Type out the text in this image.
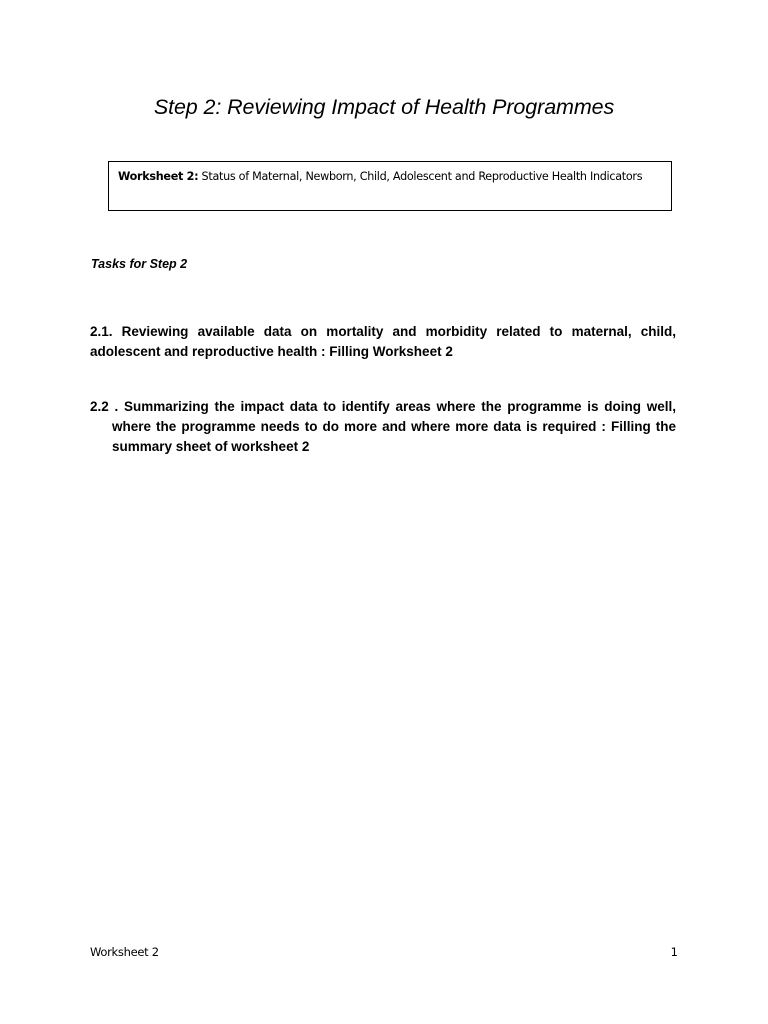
Step 2: Reviewing Impact of Health Programmes
Worksheet 2: Status of Maternal, Newborn, Child, Adolescent and Reproductive Health Indicators
Tasks for Step 2
2.1. Reviewing available data on mortality and morbidity related to maternal, child, adolescent and reproductive health : Filling Worksheet 2
2.2 . Summarizing the impact data to identify areas where the programme is doing well, where the programme needs to do more and where more data is required : Filling the summary sheet of worksheet 2
Worksheet 2	1
